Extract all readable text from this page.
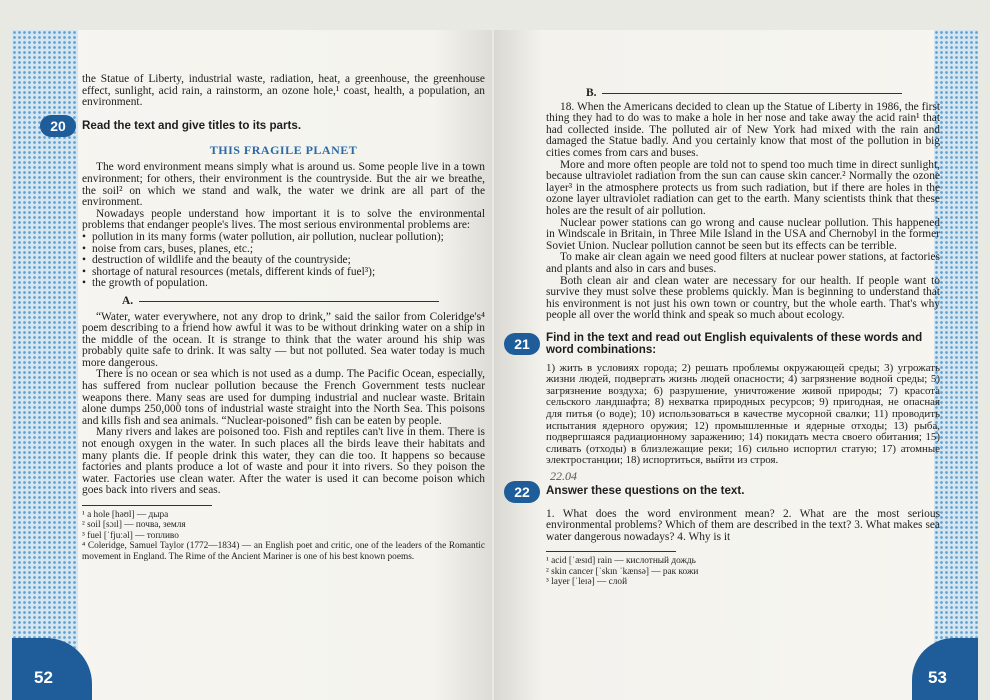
the Statue of Liberty, industrial waste, radiation, heat, a greenhouse, the greenhouse effect, sunlight, acid rain, a rainstorm, an ozone hole,¹ coast, health, a population, an environment.

20	Read the text and give titles to its parts.
THIS FRAGILE PLANET

The word environment means simply what is around us. Some people live in a town environment; for others, their environment is the countryside. But the air we breathe, the soil² on which we stand and walk, the water we drink are all part of the environment.

Nowadays people understand how important it is to solve the environmental problems that endanger people's lives. The most serious environmental problems are:

• pollution in its many forms (water pollution, air pollution, nuclear pollution);
• noise from cars, buses, planes, etc.;
• destruction of wildlife and the beauty of the countryside;
• shortage of natural resources (metals, different kinds of fuel³);
• the growth of population.
A.

“Water, water everywhere, not any drop to drink,” said the sailor from Coleridge's⁴ poem describing to a friend how awful it was to be without drinking water on a ship in the middle of the ocean. It is strange to think that the water around his ship was probably quite safe to drink. It was salty — but not polluted. Sea water today is much more dangerous.

There is no ocean or sea which is not used as a dump. The Pacific Ocean, especially, has suffered from nuclear pollution because the French Government tests nuclear weapons there. Many seas are used for dumping industrial and nuclear waste. Britain alone dumps 250,000 tons of industrial waste straight into the North Sea. This poisons and kills fish and sea animals. “Nuclear-poisoned” fish can be eaten by people.

Many rivers and lakes are poisoned too. Fish and reptiles can't live in them. There is not enough oxygen in the water. In such places all the birds leave their habitats and many plants die. If people drink this water, they can die too. It happens so because factories and plants produce a lot of waste and pour it into rivers. So they poison the water. Factories use clean water. After the water is used it can become poison which goes back into rivers and seas.

¹ a hole [həʊl] — дыра

² soil [sɔɪl] — почва, земля

³ fuel [ˈfjuːəl] — топливо

⁴ Coleridge, Samuel Taylor (1772—1834) — an English poet and critic, one of the leaders of the Romantic movement in England. The Rime of the Ancient Mariner is one of his best known poems.

52
B.

18. When the Americans decided to clean up the Statue of Liberty in 1986, the first thing they had to do was to make a hole in her nose and take away the acid rain¹ that had collected inside. The polluted air of New York had mixed with the rain and damaged the Statue badly. And you certainly know that most of the pollution in big cities comes from cars and buses.

More and more often people are told not to spend too much time in direct sunlight, because ultraviolet radiation from the sun can cause skin cancer.² Normally the ozone layer³ in the atmosphere protects us from such radiation, but if there are holes in the ozone layer ultraviolet radiation can get to the earth. Many scientists think that these holes are the result of air pollution.

Nuclear power stations can go wrong and cause nuclear pollution. This happened in Windscale in Britain, in Three Mile Island in the USA and Chernobyl in the former Soviet Union. Nuclear pollution cannot be seen but its effects can be terrible.

To make air clean again we need good filters at nuclear power stations, at factories and plants and also in cars and buses.

Both clean air and clean water are necessary for our health. If people want to survive they must solve these problems quickly. Man is beginning to understand that his environment is not just his own town or country, but the whole earth. That's why people all over the world think and speak so much about ecology.

21	Find in the text and read out English equivalents of these words and word combinations:

1) жить в условиях города; 2) решать проблемы окружающей среды; 3) угрожать жизни людей, подвергать жизнь людей опасности; 4) загрязнение водной среды; 5) загрязнение воздуха; 6) разрушение, уничтожение живой природы; 7) красота сельского ландшафта; 8) нехватка природных ресурсов; 9) пригодная, не опасная для питья (о воде); 10) использоваться в качестве мусорной свалки; 11) проводить испытания ядерного оружия; 12) промышленные и ядерные отходы; 13) рыба, подвергшаяся радиационному заражению; 14) покидать места своего обитания; 15) сливать (отходы) в близлежащие реки; 16) сильно испортил статую; 17) атомные электростанции; 18) испортиться, выйти из строя.

22.04
22	Answer these questions on the text.

1. What does the word environment mean? 2. What are the most serious environmental problems? Which of them are described in the text? 3. What makes sea water dangerous nowadays? 4. Why is it

¹ acid [ˈæsɪd] rain — кислотный дождь

² skin cancer [ˈskɪn ˈkænsə] — рак кожи

³ layer [ˈleɪə] — слой

53
